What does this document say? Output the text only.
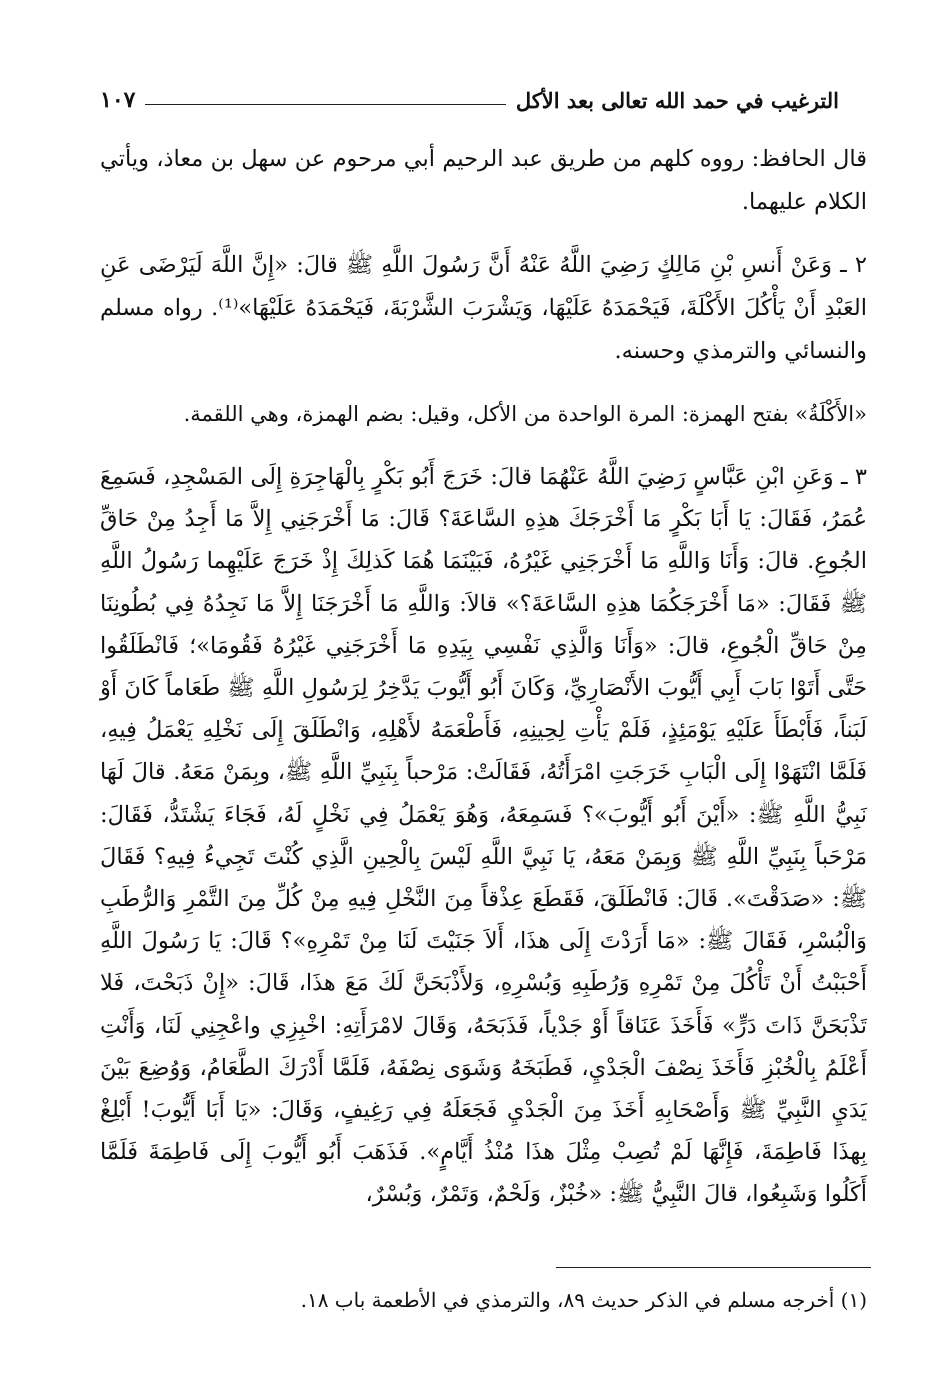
الترغيب في حمد الله تعالى بعد الأكل
١٠٧

قال الحافظ: رووه كلهم من طريق عبد الرحيم أبي مرحوم عن سهل بن معاذ، ويأتي الكلام عليهما.

٢ ـ وَعَنْ أَنسِ بْنِ مَالِكٍ رَضِيَ اللَّهُ عَنْهُ أَنَّ رَسُولَ اللَّهِ ﷺ قالَ: «إِنَّ اللَّهَ لَيَرْضَى عَنِ العَبْدِ أَنْ يَأْكُلَ الأَكْلَةَ، فَيَحْمَدَهُ عَلَيْهَا، وَيَشْرَبَ الشَّرْبَةَ، فَيَحْمَدَهُ عَلَيْهَا»⁽¹⁾. رواه مسلم والنسائي والترمذي وحسنه.

«الأَكْلَةُ» بفتح الهمزة: المرة الواحدة من الأكل، وقيل: بضم الهمزة، وهي اللقمة.

٣ ـ وَعَنِ ابْنِ عَبَّاسٍ رَضِيَ اللَّهُ عَنْهُمَا قالَ: خَرَجَ أَبُو بَكْرٍ بِالْهَاجِرَةِ إِلَى المَسْجِدِ، فَسَمِعَ عُمَرُ، فَقَالَ: يَا أَبَا بَكْرٍ مَا أَخْرَجَكَ هذِهِ السَّاعَةَ؟ قَالَ: مَا أَخْرَجَنِي إِلاَّ مَا أَجِدُ مِنْ حَاقِّ الجُوعِ. قالَ: وَأَنَا وَاللَّهِ مَا أَخْرَجَنِي غَيْرُهُ، فَبَيْنَمَا هُمَا كَذلِكَ إِذْ خَرَجَ عَلَيْهِما رَسُولُ اللَّهِ ﷺ فَقَالَ: «مَا أَخْرَجَكُمَا هذِهِ السَّاعَةَ؟» قالاَ: وَاللَّهِ مَا أَخْرَجَنَا إِلاَّ مَا نَجِدُهُ فِي بُطُونِنَا مِنْ حَاقِّ الْجُوعِ، قالَ: «وَأَنَا وَالَّذِي نَفْسِي بِيَدِهِ مَا أَخْرَجَنِي غَيْرُهُ فَقُومَا»؛ فَانْطَلَقُوا حَتَّى أَتَوْا بَابَ أَبِي أَيُّوبَ الأَنْصَارِيِّ، وَكَانَ أَبُو أَيُّوبَ يَدَّخِرُ لِرَسُولِ اللَّهِ ﷺ طَعَاماً كَانَ أَوْ لَبَناً، فَأَبْطَأَ عَلَيْهِ يَوْمَئِذٍ، فَلَمْ يَأْتِ لِحِينِهِ، فَأَطْعَمَهُ لأَهْلِهِ، وَانْطَلَقَ إِلَى نَخْلِهِ يَعْمَلُ فِيهِ، فَلَمَّا انْتَهَوْا إِلَى الْبَابِ خَرَجَتِ امْرَأَتُهُ، فَقَالَتْ: مَرْحباً بِنَبِيِّ اللَّهِ ﷺ، وبِمَنْ مَعَهُ. قالَ لَهَا نَبِيُّ اللَّهِ ﷺ: «أَيْنَ أَبُو أَيُّوبَ»؟ فَسَمِعَهُ، وَهُوَ يَعْمَلُ فِي نَخْلٍ لَهُ، فَجَاءَ يَشْتَدُّ، فَقَالَ: مَرْحَباً بِنَبِيِّ اللَّهِ ﷺ وَبِمَنْ مَعَهُ، يَا نَبِيَّ اللَّهِ لَيْسَ بِالْحِينِ الَّذِي كُنْتَ تَجِيءُ فِيهِ؟ فَقَالَ ﷺ: «صَدَقْتَ». قَالَ: فَانْطَلَقَ، فَقَطَعَ عِذْقاً مِنَ النَّخْلِ فِيهِ مِنْ كُلِّ مِنَ التَّمْرِ وَالرُّطَبِ وَالْبُسْرِ، فَقَالَ ﷺ: «مَا أَرَدْتَ إِلَى هذَا، أَلاَ جَنَيْتَ لَنَا مِنْ تَمْرِهِ»؟ قَالَ: يَا رَسُولَ اللَّهِ أَحْبَبْتُ أَنْ تَأْكُلَ مِنْ تَمْرِهِ وَرُطَبِهِ وَبُسْرِهِ، وَلأَذْبَحَنَّ لَكَ مَعَ هذَا، قَالَ: «إِنْ ذَبَحْتَ، فَلا تَذْبَحَنَّ ذَاتَ دَرٍّ» فَأَخَذَ عَنَاقاً أَوْ جَدْياً، فَذَبَحَهُ، وَقَالَ لامْرَأَتِهِ: اخْبِزِي واعْجِنِي لَنَا، وَأَنْتِ أَعْلَمُ بِالْخُبْزِ فَأَخَذَ نِصْفَ الْجَدْيِ، فَطَبَخَهُ وَشَوَى نِصْفَهُ، فَلَمَّا أَدْرَكَ الطَّعَامُ، وَوُضِعَ بَيْنَ يَدَيِ النَّبِيِّ ﷺ وَأَصْحَابِهِ أَخَذَ مِنَ الْجَدْيِ فَجَعَلَهُ فِي رَغِيفٍ، وَقَالَ: «يَا أَبَا أَيُّوبَ! أَبْلِغْ بِهذَا فَاطِمَةَ، فَإِنَّهَا لَمْ تُصِبْ مِثْلَ هذَا مُنْذُ أَيَّامٍ». فَذَهَبَ أَبُو أَيُّوبَ إِلَى فَاطِمَةَ فَلَمَّا أَكَلُوا وَشَبِعُوا، قالَ النَّبِيُّ ﷺ: «خُبْزٌ، وَلَحْمٌ، وَتَمْرٌ، وَبُسْرٌ،

(١) أخرجه مسلم في الذكر حديث ٨٩، والترمذي في الأطعمة باب ١٨.
